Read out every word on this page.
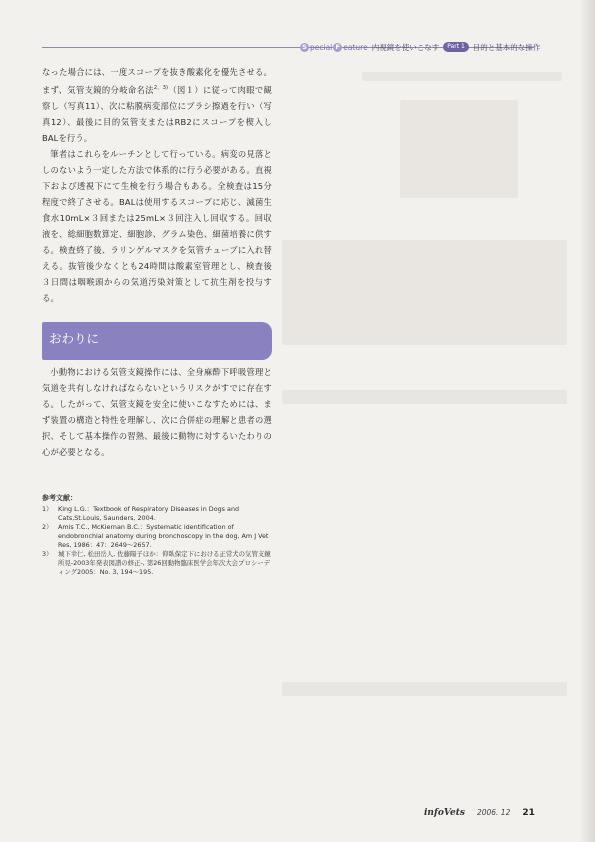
S pecial F eature 内視鏡を使いこなす	Part 1	目的と基本的な操作

なった場合には、一度スコープを抜き酸素化を優先させる。まず、気管支鏡的分岐命名法$^{2、3)}$（図１）に従って肉眼で観察し（写真11）、次に粘膜病変部位にブラシ擦過を行い（写真12）、最後に目的気管支またはRB2にスコープを楔入しBALを行う。

筆者はこれらをルーチンとして行っている。病変の見落としのないよう一定した方法で体系的に行う必要がある。直視下および透視下にて生検を行う場合もある。全検査は15分程度で終了させる。BALは使用するスコープに応じ、滅菌生食水10mL×３回または25mL×３回注入し回収する。回収液を、総細胞数算定、細胞診、グラム染色、細菌培養に供する。検査終了後、ラリンゲルマスクを気管チューブに入れ替える。抜管後少なくとも24時間は酸素室管理とし、検査後３日間は咽喉頭からの気道汚染対策として抗生剤を投与する。

おわりに

小動物における気管支鏡操作には、全身麻酔下呼吸管理と気道を共有しなければならないというリスクがすでに存在する。したがって、気管支鏡を安全に使いこなすためには、まず装置の構造と特性を理解し、次に合併症の理解と患者の選択、そして基本操作の習熟、最後に動物に対するいたわりの心が必要となる。

参考文献：
1） King L.G.：Textbook of Respiratory Diseases in Dogs and Cats,St.Louis, Saunders, 2004.
2） Amis T.C., McKiernan B.C.：Systematic identification of endobronchial anatomy during bronchoscopy in the dog, Am J Vet Res, 1986：47：2649〜2657.
3） 城下幸仁, 松田岳人, 佐藤陽子ほか：仰臥保定下における正常犬の気管支鏡所見-2003年発表図譜の修正-, 第26回動物臨床医学会年次大会プロシーディング2005：No. 3, 194〜195.
infoVets 2006. 12 21
